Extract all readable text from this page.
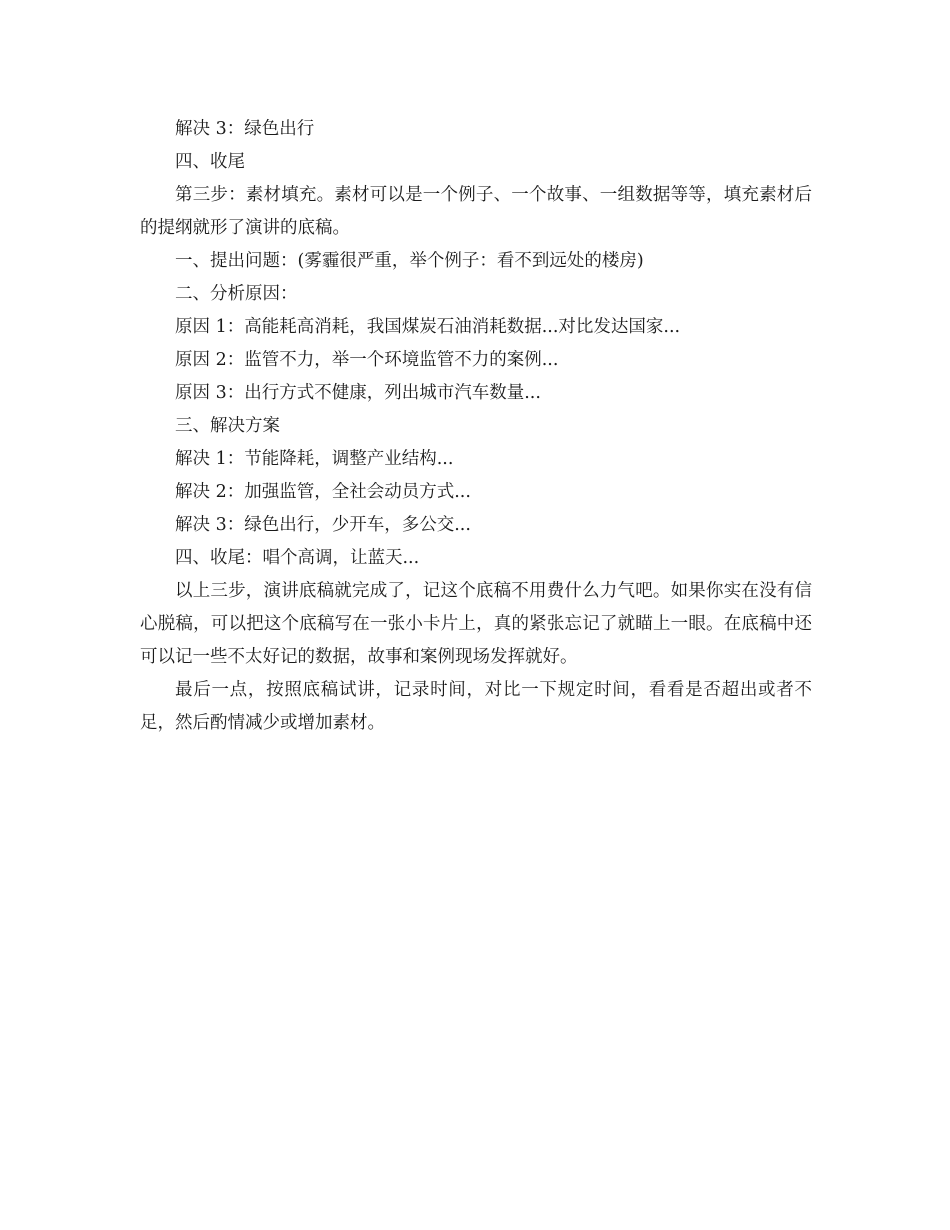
解决 3：绿色出行

四、收尾

第三步：素材填充。素材可以是一个例子、一个故事、一组数据等等，填充素材后的提纲就形了演讲的底稿。

一、提出问题：(雾霾很严重，举个例子：看不到远处的楼房)

二、分析原因：

原因 1：高能耗高消耗，我国煤炭石油消耗数据...对比发达国家...

原因 2：监管不力，举一个环境监管不力的案例...

原因 3：出行方式不健康，列出城市汽车数量...

三、解决方案

解决 1：节能降耗，调整产业结构...

解决 2：加强监管，全社会动员方式...

解决 3：绿色出行，少开车，多公交...

四、收尾：唱个高调，让蓝天...

以上三步，演讲底稿就完成了，记这个底稿不用费什么力气吧。如果你实在没有信心脱稿，可以把这个底稿写在一张小卡片上，真的紧张忘记了就瞄上一眼。在底稿中还可以记一些不太好记的数据，故事和案例现场发挥就好。

最后一点，按照底稿试讲，记录时间，对比一下规定时间，看看是否超出或者不足，然后酌情减少或增加素材。
